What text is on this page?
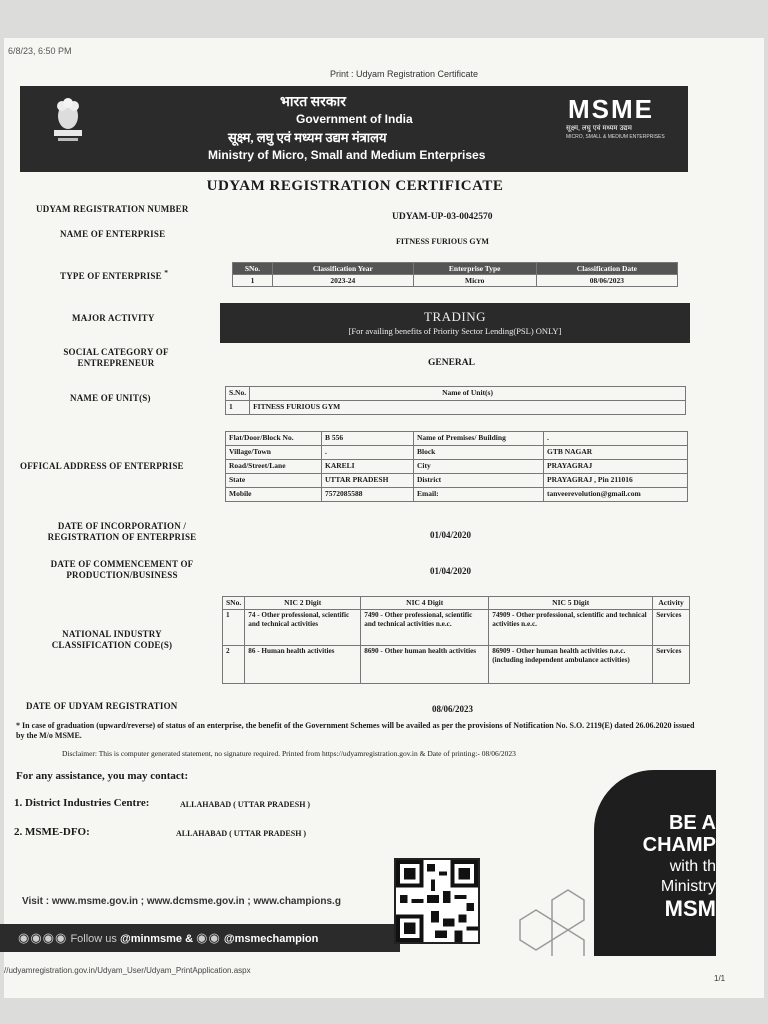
6/8/23, 6:50 PM
Print : Udyam Registration Certificate
भारत सरकार
Government of India
सूक्ष्म, लघु एवं मध्यम उद्यम मंत्रालय
Ministry of Micro, Small and Medium Enterprises
MSME
सूक्ष्म, लघु एवं मध्यम उद्यम
MICRO, SMALL & MEDIUM ENTERPRISES
UDYAM REGISTRATION CERTIFICATE
UDYAM REGISTRATION NUMBER
UDYAM-UP-03-0042570
NAME OF ENTERPRISE
FITNESS FURIOUS GYM
TYPE OF ENTERPRISE *	SNo.	Classification Year	Enterprise Type	Classification Date
1	2023-24	Micro	08/06/2023
MAJOR ACTIVITY	TRADING
[For availing benefits of Priority Sector Lending(PSL) ONLY]
SOCIAL CATEGORY OF
ENTREPRENEUR	GENERAL
NAME OF UNIT(S)
S.No.	Name of Unit(s)
1	FITNESS FURIOUS GYM
OFFICAL ADDRESS OF ENTERPRISE
Flat/Door/Block No.	B 556	Name of Premises/ Building	.
Village/Town	.	Block	GTB NAGAR
Road/Street/Lane	KARELI	City	PRAYAGRAJ
State	UTTAR PRADESH	District	PRAYAGRAJ , Pin 211016
Mobile	7572085588	Email:	tanveerevolution@gmail.com
DATE OF INCORPORATION /
REGISTRATION OF ENTERPRISE	01/04/2020
DATE OF COMMENCEMENT OF
PRODUCTION/BUSINESS	01/04/2020
NATIONAL INDUSTRY
CLASSIFICATION CODE(S)
SNo.	NIC 2 Digit	NIC 4 Digit	NIC 5 Digit	Activity
1	74 - Other professional, scientific and technical activities	7490 - Other professional, scientific and technical activities n.e.c.	74909 - Other professional, scientific and technical activities n.e.c.	Services
2	86 - Human health activities	8690 - Other human health activities	86909 - Other human health activities n.e.c. (including independent ambulance activities)	Services
DATE OF UDYAM REGISTRATION	08/06/2023
* In case of graduation (upward/reverse) of status of an enterprise, the benefit of the Government Schemes will be availed as per the provisions of Notification No. S.O. 2119(E) dated 26.06.2020 issued by the M/o MSME.
Disclaimer: This is computer generated statement, no signature required. Printed from https://udyamregistration.gov.in & Date of printing:- 08/06/2023
For any assistance, you may contact:
1. District Industries Centre:	ALLAHABAD ( UTTAR PRADESH )
2. MSME-DFO:	ALLAHABAD ( UTTAR PRADESH )	BE A
CHAMP
with th
Ministry
MSM
Visit : www.msme.gov.in ; www.dcmsme.gov.in ; www.champions.g
◉◉◉◉ Follow us @minmsme & ◉◉ @msmechampion
//udyamregistration.gov.in/Udyam_User/Udyam_PrintApplication.aspx
1/1
